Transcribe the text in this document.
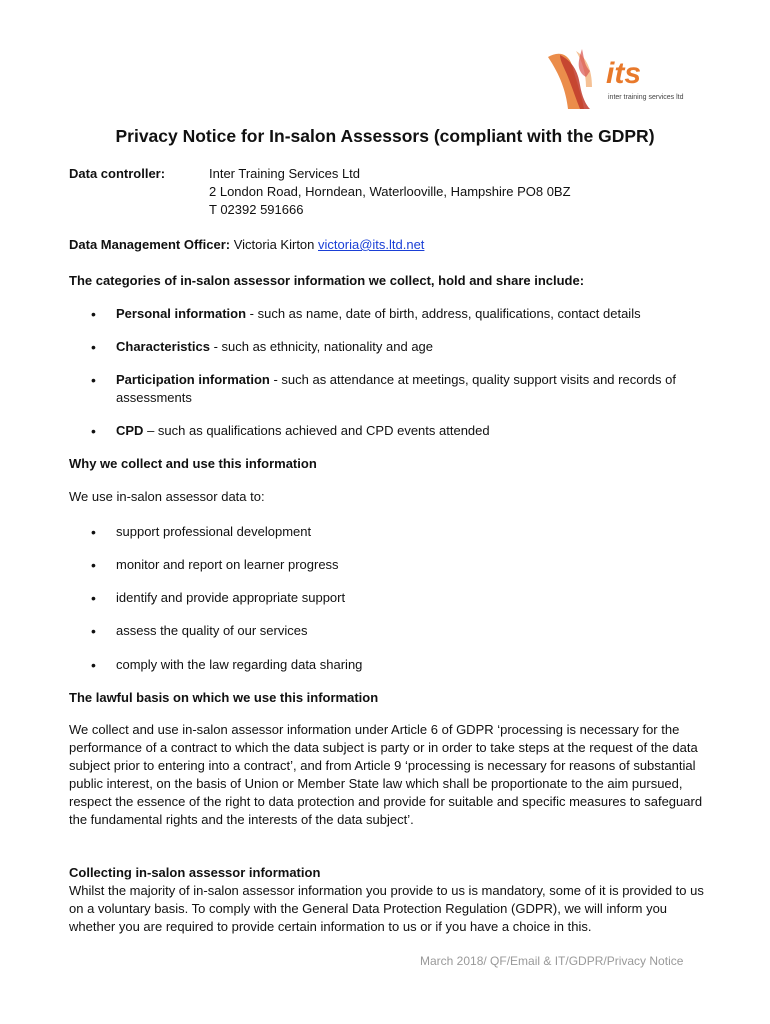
its
inter training services ltd
Privacy Notice for In-salon Assessors (compliant with the GDPR)
Data controller:	Inter Training Services Ltd
2 London Road, Horndean, Waterlooville, Hampshire PO8 0BZ
T 02392 591666
Data Management Officer: Victoria Kirton victoria@its.ltd.net
The categories of in-salon assessor information we collect, hold and share include:
• Personal information - such as name, date of birth, address, qualifications, contact details
• Characteristics - such as ethnicity, nationality and age
• Participation information - such as attendance at meetings, quality support visits and records of assessments
• CPD – such as qualifications achieved and CPD events attended
Why we collect and use this information
We use in-salon assessor data to:
• support professional development
• monitor and report on learner progress
• identify and provide appropriate support
• assess the quality of our services
• comply with the law regarding data sharing
The lawful basis on which we use this information
We collect and use in-salon assessor information under Article 6 of GDPR ‘processing is necessary for the performance of a contract to which the data subject is party or in order to take steps at the request of the data subject prior to entering into a contract’, and from Article 9 ‘processing is necessary for reasons of substantial public interest, on the basis of Union or Member State law which shall be proportionate to the aim pursued, respect the essence of the right to data protection and provide for suitable and specific measures to safeguard the fundamental rights and the interests of the data subject’.
Collecting in-salon assessor information
Whilst the majority of in-salon assessor information you provide to us is mandatory, some of it is provided to us on a voluntary basis. To comply with the General Data Protection Regulation (GDPR), we will inform you whether you are required to provide certain information to us or if you have a choice in this.
March 2018/ QF/Email & IT/GDPR/Privacy Notice
